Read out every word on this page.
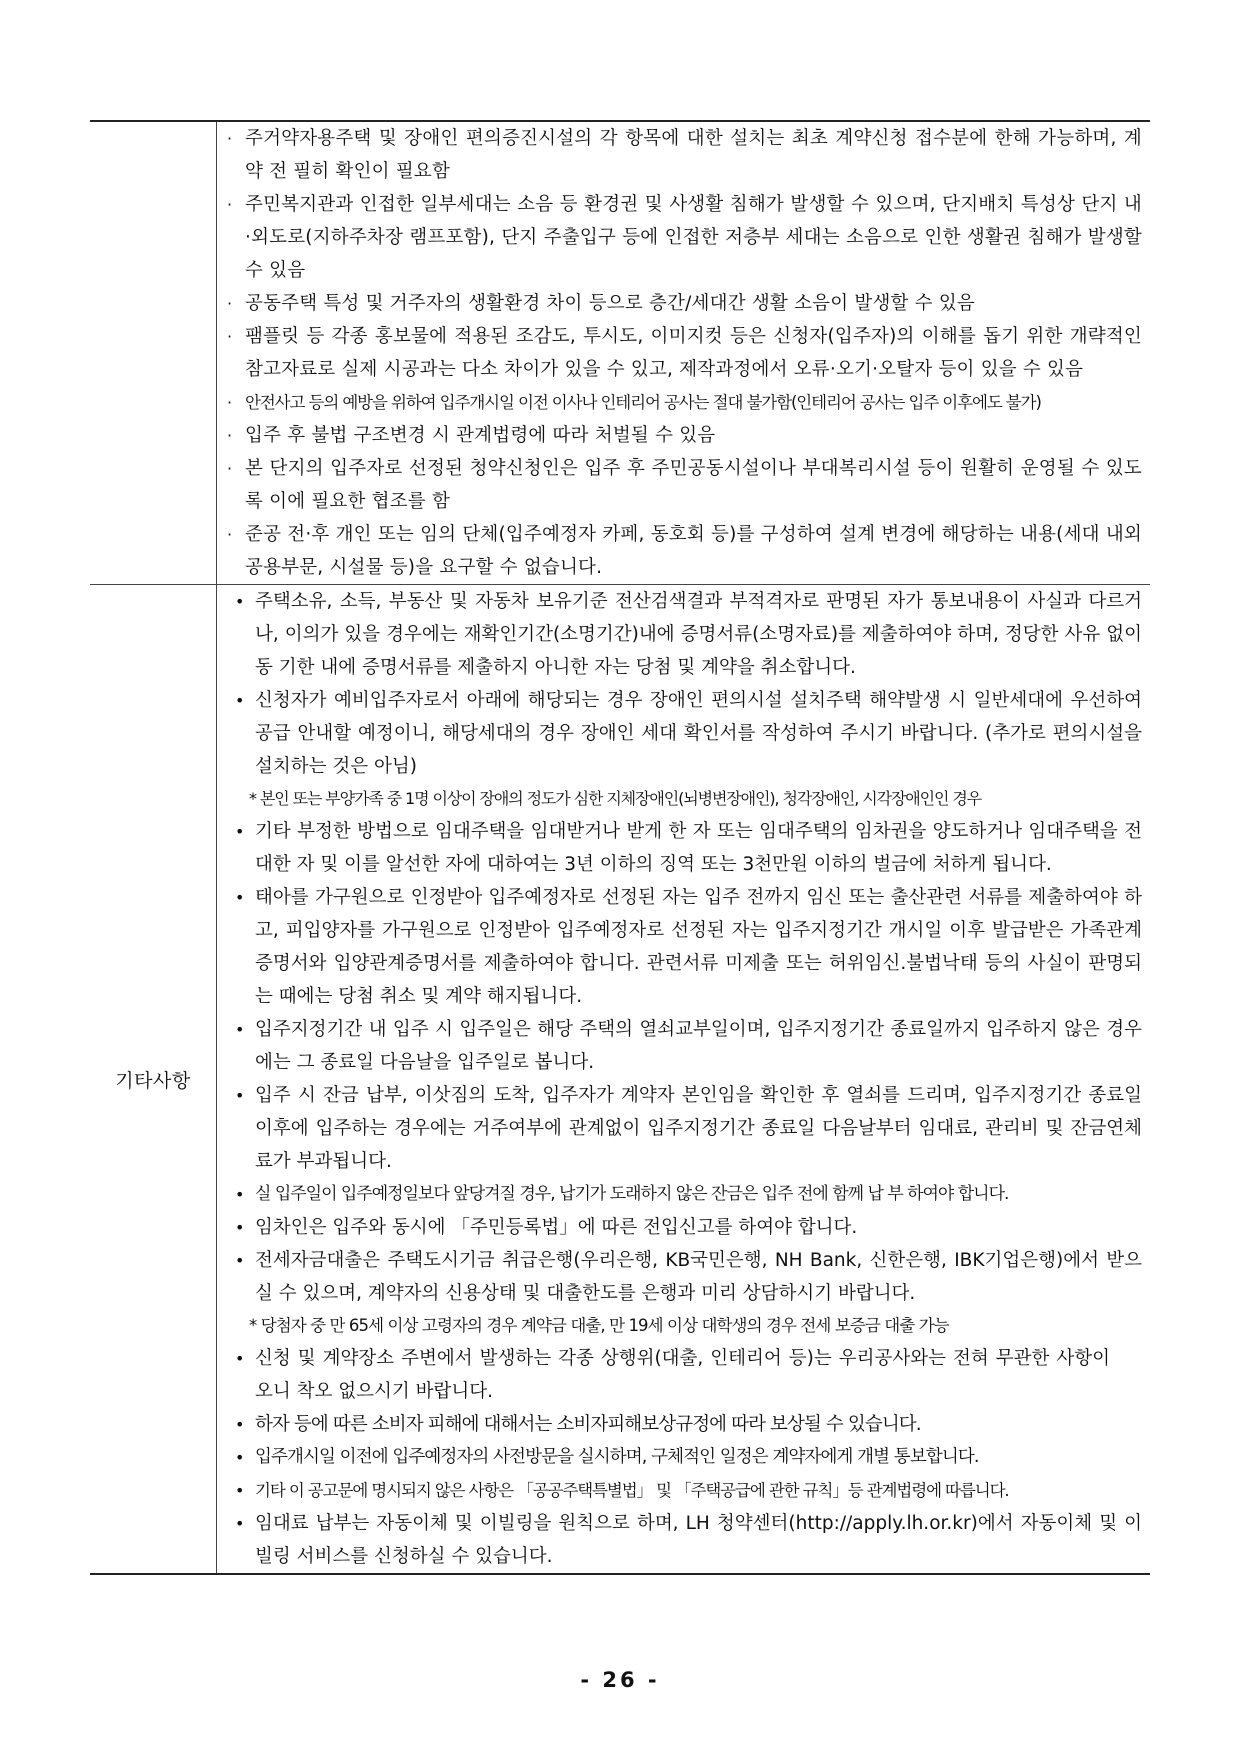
· 주거약자용주택 및 장애인 편의증진시설의 각 항목에 대한 설치는 최초 계약신청 접수분에 한해 가능하며, 계약 전 필히 확인이 필요함
· 주민복지관과 인접한 일부세대는 소음 등 환경권 및 사생활 침해가 발생할 수 있으며, 단지배치 특성상 단지 내·외도로(지하주차장 램프포함), 단지 주출입구 등에 인접한 저층부 세대는 소음으로 인한 생활권 침해가 발생할 수 있음
· 공동주택 특성 및 거주자의 생활환경 차이 등으로 층간/세대간 생활 소음이 발생할 수 있음
· 팸플릿 등 각종 홍보물에 적용된 조감도, 투시도, 이미지컷 등은 신청자(입주자)의 이해를 돕기 위한 개략적인 참고자료로 실제 시공과는 다소 차이가 있을 수 있고, 제작과정에서 오류·오기·오탈자 등이 있을 수 있음
· 안전사고 등의 예방을 위하여 입주개시일 이전 이사나 인테리어 공사는 절대 불가함(인테리어 공사는 입주 이후에도 불가)
· 입주 후 불법 구조변경 시 관계법령에 따라 처벌될 수 있음
· 본 단지의 입주자로 선정된 청약신청인은 입주 후 주민공동시설이나 부대복리시설 등이 원활히 운영될 수 있도록 이에 필요한 협조를 함
· 준공 전·후 개인 또는 임의 단체(입주예정자 카페, 동호회 등)를 구성하여 설계 변경에 해당하는 내용(세대 내외 공용부문, 시설물 등)을 요구할 수 없습니다.
기타사항
• 주택소유, 소득, 부동산 및 자동차 보유기준 전산검색결과 부적격자로 판명된 자가 통보내용이 사실과 다르거나, 이의가 있을 경우에는 재확인기간(소명기간)내에 증명서류(소명자료)를 제출하여야 하며, 정당한 사유 없이 동 기한 내에 증명서류를 제출하지 아니한 자는 당첨 및 계약을 취소합니다.
• 신청자가 예비입주자로서 아래에 해당되는 경우 장애인 편의시설 설치주택 해약발생 시 일반세대에 우선하여 공급 안내할 예정이니, 해당세대의 경우 장애인 세대 확인서를 작성하여 주시기 바랍니다. (추가로 편의시설을 설치하는 것은 아님)
* 본인 또는 부양가족 중 1명 이상이 장애의 정도가 심한 지체장애인(뇌병변장애인), 청각장애인, 시각장애인인 경우
• 기타 부정한 방법으로 임대주택을 임대받거나 받게 한 자 또는 임대주택의 임차권을 양도하거나 임대주택을 전대한 자 및 이를 알선한 자에 대하여는 3년 이하의 징역 또는 3천만원 이하의 벌금에 처하게 됩니다.
• 태아를 가구원으로 인정받아 입주예정자로 선정된 자는 입주 전까지 임신 또는 출산관련 서류를 제출하여야 하고, 피입양자를 가구원으로 인정받아 입주예정자로 선정된 자는 입주지정기간 개시일 이후 발급받은 가족관계증명서와 입양관계증명서를 제출하여야 합니다. 관련서류 미제출 또는 허위임신.불법낙태 등의 사실이 판명되는 때에는 당첨 취소 및 계약 해지됩니다.
• 입주지정기간 내 입주 시 입주일은 해당 주택의 열쇠교부일이며, 입주지정기간 종료일까지 입주하지 않은 경우에는 그 종료일 다음날을 입주일로 봅니다.
• 입주 시 잔금 납부, 이삿짐의 도착, 입주자가 계약자 본인임을 확인한 후 열쇠를 드리며, 입주지정기간 종료일 이후에 입주하는 경우에는 거주여부에 관계없이 입주지정기간 종료일 다음날부터 임대료, 관리비 및 잔금연체료가 부과됩니다.
• 실 입주일이 입주예정일보다 앞당겨질 경우, 납기가 도래하지 않은 잔금은 입주 전에 함께 납 부 하여야 합니다.
• 임차인은 입주와 동시에 「주민등록법」에 따른 전입신고를 하여야 합니다.
• 전세자금대출은 주택도시기금 취급은행(우리은행, KB국민은행, NH Bank, 신한은행, IBK기업은행)에서 받으실 수 있으며, 계약자의 신용상태 및 대출한도를 은행과 미리 상담하시기 바랍니다.
* 당첨자 중 만 65세 이상 고령자의 경우 계약금 대출, 만 19세 이상 대학생의 경우 전세 보증금 대출 가능
• 신청 및 계약장소 주변에서 발생하는 각종 상행위(대출, 인테리어 등)는 우리공사와는 전혀 무관한 사항이오니 착오 없으시기 바랍니다.
• 하자 등에 따른 소비자 피해에 대해서는 소비자피해보상규정에 따라 보상될 수 있습니다.
• 입주개시일 이전에 입주예정자의 사전방문을 실시하며, 구체적인 일정은 계약자에게 개별 통보합니다.
• 기타 이 공고문에 명시되지 않은 사항은 「공공주택특별법」 및 「주택공급에 관한 규칙」등 관계법령에 따릅니다.
• 임대료 납부는 자동이체 및 이빌링을 원칙으로 하며, LH 청약센터(http://apply.lh.or.kr)에서 자동이체 및 이빌링 서비스를 신청하실 수 있습니다.
- 26 -
